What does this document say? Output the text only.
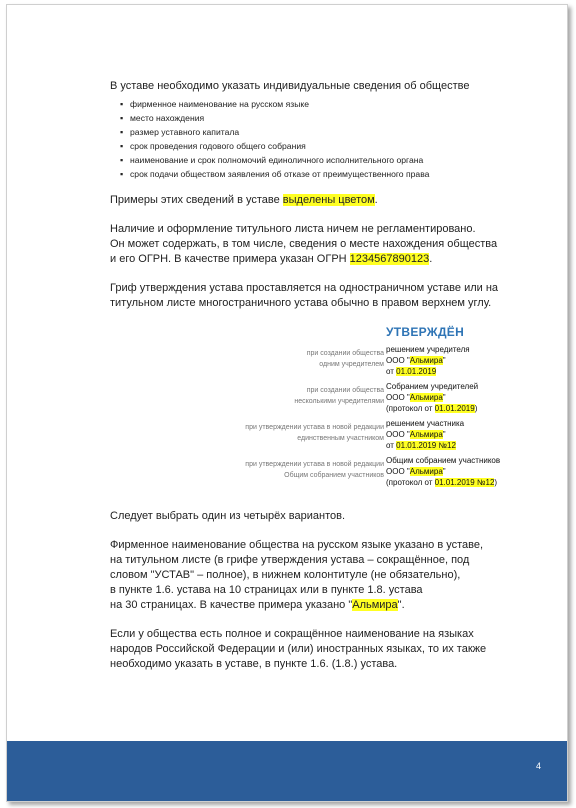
В уставе необходимо указать индивидуальные сведения об обществе

▪ фирменное наименование на русском языке
▪ место нахождения
▪ размер уставного капитала
▪ срок проведения годового общего собрания
▪ наименование и срок полномочий единоличного исполнительного органа
▪ срок подачи обществом заявления об отказе от преимущественного права

Примеры этих сведений в уставе выделены цветом.

Наличие и оформление титульного листа ничем не регламентировано.
Он может содержать, в том числе, сведения о месте нахождения общества
и его ОГРН. В качестве примера указан ОГРН 1234567890123.

Гриф утверждения устава проставляется на одностраничном уставе или на
титульном листе многостраничного устава обычно в правом верхнем углу.

УТВЕРЖДЁН
при создании общества
одним учредителем
решением учредителя
ООО "Альмира"
от 01.01.2019
при создании общества
несколькими учредителями
Собранием учредителей
ООО "Альмира"
(протокол от 01.01.2019)
при утверждении устава в новой редакции
единственным участником
решением участника
ООО "Альмира"
от 01.01.2019 №12
при утверждении устава в новой редакции
Общим собранием участников
Общим собранием участников
ООО "Альмира"
(протокол от 01.01.2019 №12)

Следует выбрать один из четырёх вариантов.

Фирменное наименование общества на русском языке указано в уставе,
на титульном листе (в грифе утверждения устава – сокращённое, под
словом "УСТАВ" – полное), в нижнем колонтитуле (не обязательно),
в пункте 1.6. устава на 10 страницах или в пункте 1.8. устава
на 30 страницах. В качестве примера указано "Альмира".

Если у общества есть полное и сокращённое наименование на языках
народов Российской Федерации и (или) иностранных языках, то их также
необходимо указать в уставе, в пункте 1.6. (1.8.) устава.

4
